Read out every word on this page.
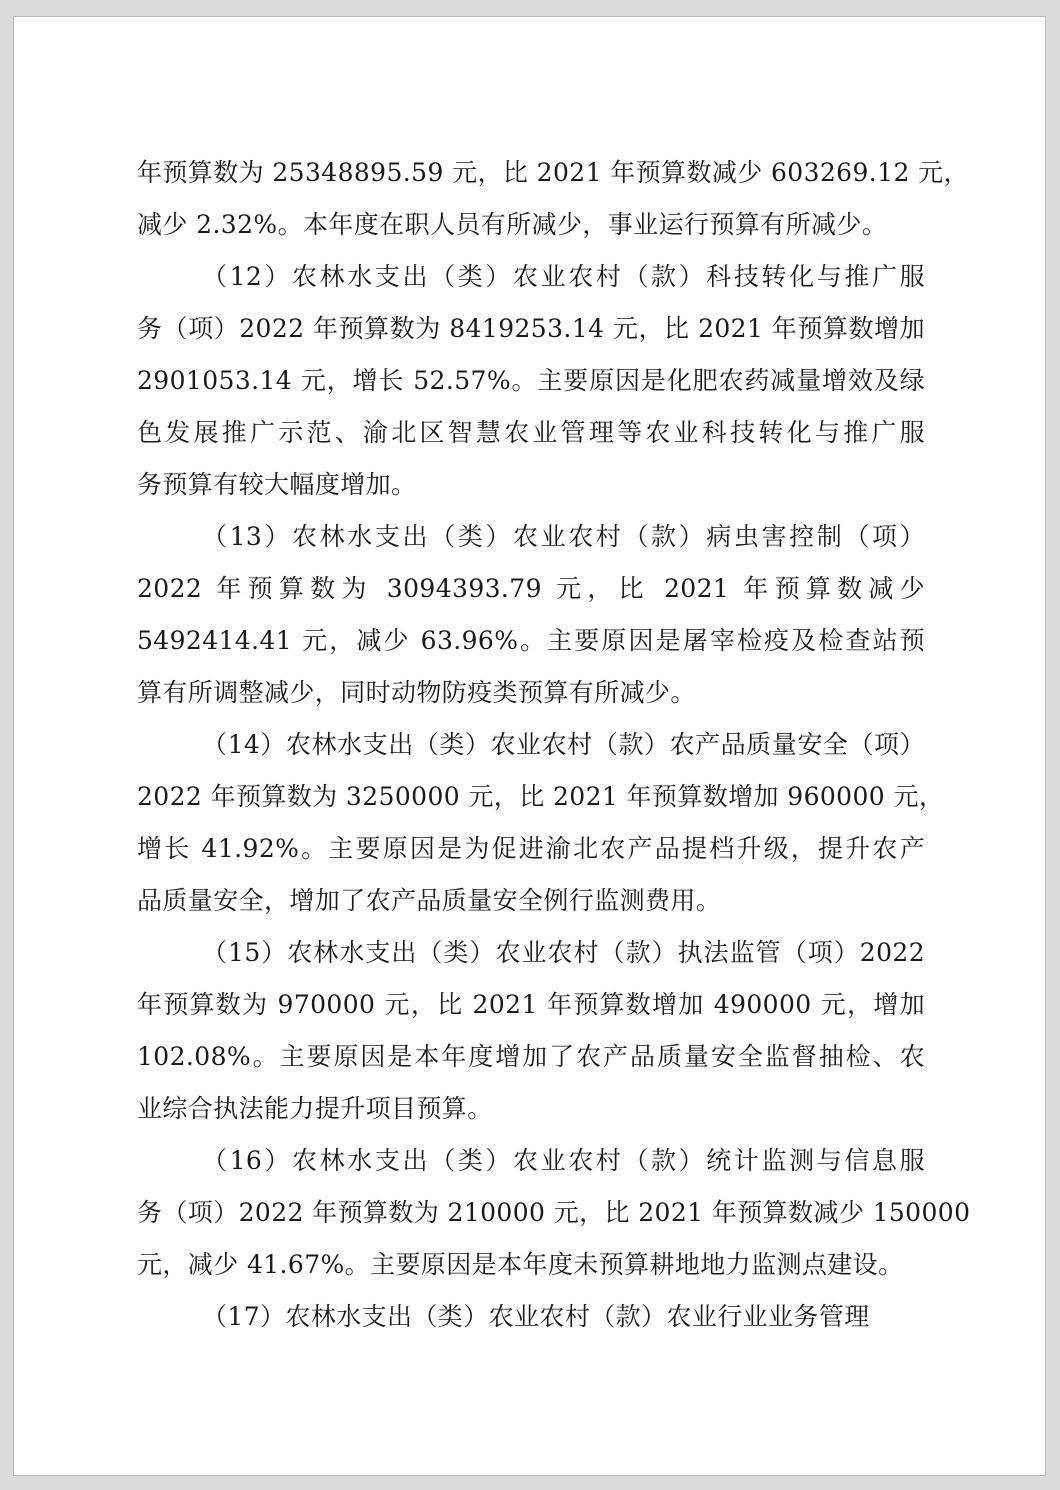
年预算数为 25348895.59 元，比 2021 年预算数减少 603269.12 元，
减少 2.32%。本年度在职人员有所减少，事业运行预算有所减少。
（12）农林水支出（类）农业农村（款）科技转化与推广服
务（项）2022 年预算数为 8419253.14 元，比 2021 年预算数增加
2901053.14 元，增长 52.57%。主要原因是化肥农药减量增效及绿
色发展推广示范、渝北区智慧农业管理等农业科技转化与推广服
务预算有较大幅度增加。
（13）农林水支出（类）农业农村（款）病虫害控制（项）
2022 年预算数为 3094393.79 元，比 2021 年预算数减少
5492414.41 元，减少 63.96%。主要原因是屠宰检疫及检查站预
算有所调整减少，同时动物防疫类预算有所减少。
（14）农林水支出（类）农业农村（款）农产品质量安全（项）
2022 年预算数为 3250000 元，比 2021 年预算数增加 960000 元，
增长 41.92%。主要原因是为促进渝北农产品提档升级，提升农产
品质量安全，增加了农产品质量安全例行监测费用。
（15）农林水支出（类）农业农村（款）执法监管（项）2022
年预算数为 970000 元，比 2021 年预算数增加 490000 元，增加
102.08%。主要原因是本年度增加了农产品质量安全监督抽检、农
业综合执法能力提升项目预算。
（16）农林水支出（类）农业农村（款）统计监测与信息服
务（项）2022 年预算数为 210000 元，比 2021 年预算数减少 150000
元，减少 41.67%。主要原因是本年度未预算耕地地力监测点建设。
（17）农林水支出（类）农业农村（款）农业行业业务管理
